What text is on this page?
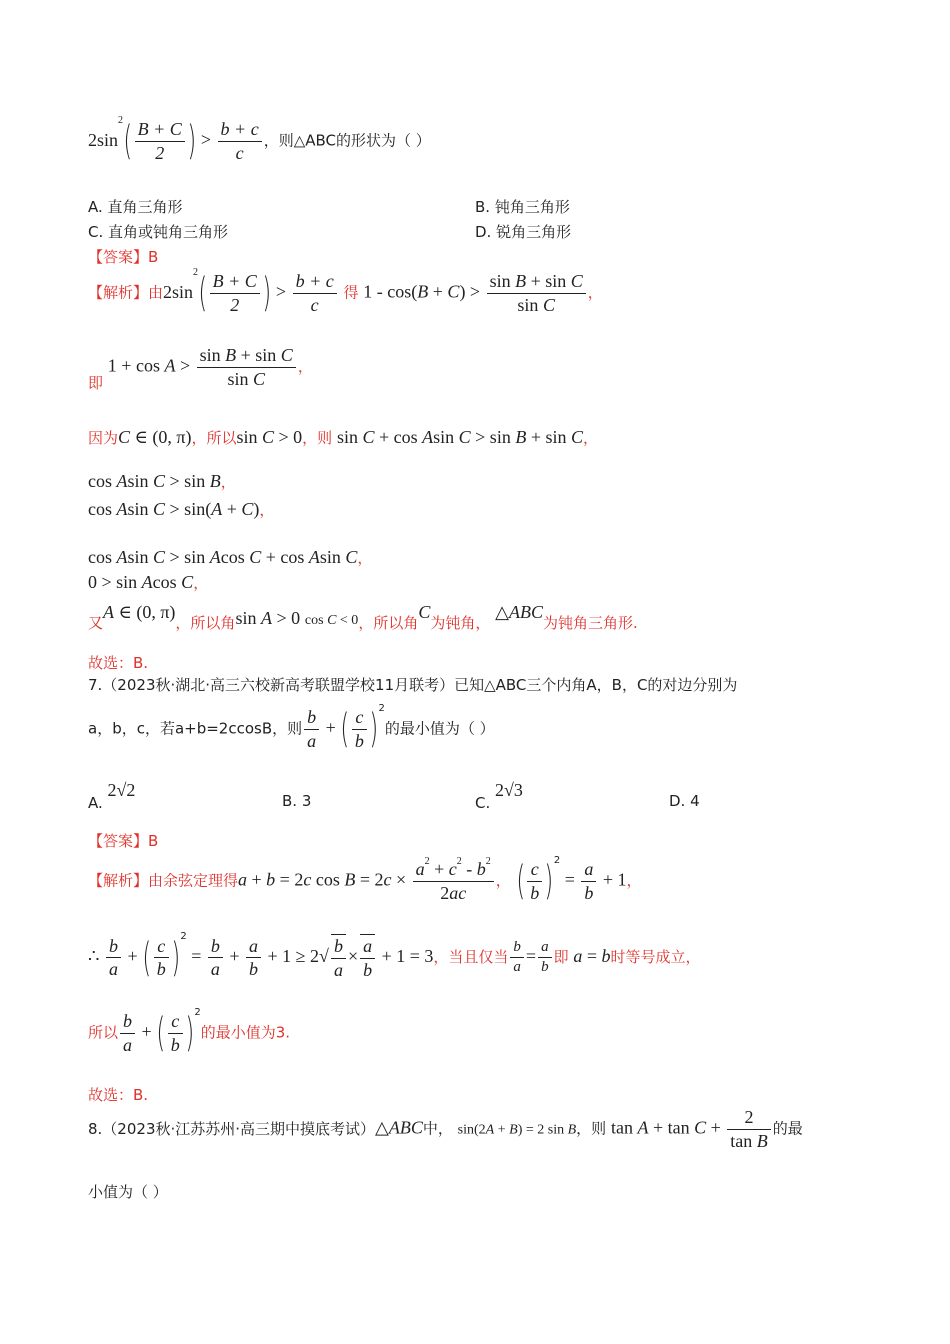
$2\sin^2( \frac{B + C}{2}$ ) > $\frac{b + c}{c}$ ，则△ABC的形状为（ ）
A. 直角三角形	B. 钝角三角形
C. 直角或钝角三角形	D. 锐角三角形
【答案】B
【解析】由$2\sin^2( \frac{B + C}{2}$ ) > $\frac{b + c}{c}$ 得 $1 - \cos(B + C) > \frac{\text{sin B + sin C}}{\text{sin C}}$ ，
即 $1 + \cos A > \frac{\text{sin B + sin C}}{\text{sin C}}$ ，
因为C ∈ (0, π)，所以sin C > 0，则 sin C + cos Asin C > sin B + sin C，
cos Asin C > sin B，
cos Asin C > sin(A + C)，
cos Asin C > sin Acos C + cos Asin C，
0 > sin Acos C，
又A ∈ (0, π)，所以角sin A > 0 cos C < 0，所以角C为钝角， △ABC为钝角三角形.
故选：B.
7.（2023秋·湖北·高三六校新高考联盟学校11月联考）已知△ABC三个内角A，B，C的对边分别为
a，b，c，若a+b=2ccosB，则 $\frac{b}{a}$ + ( $\frac{c}{b} )^2$的最小值为（ ）
A. 2√2
B. 3	C. 2√3
D. 4
【答案】B
【解析】由余弦定理得a + b = 2c $\cos B = 2c \times \frac{a^2 + c^2 - b^2}{2ac}$ ， ( $\frac{c}{b} )^2 = \frac{a}{b} + 1$，
∴ $\frac{b}{a}$ + ( $\frac{c}{b} )^2 = \frac{b}{a} + \frac{a}{b} + 1 \ge 2√ \frac{b}{a} \times \frac{a}{b} + 1 = 3$，当且仅当 $\frac{b}{a} = \frac{a}{b}$ 即 a = b时等号成立，
所以 $\frac{b}{a}$ + ( $\frac{c}{b} )^2$的最小值为3.
故选：B.
8.（2023秋·江苏苏州·高三期中摸底考试）△ABC中， sin(2A + B) = 2 sin B，则 $\tan A + \tan C + \frac{2}{\text{tan B}}$ 的最
小值为（ ）
